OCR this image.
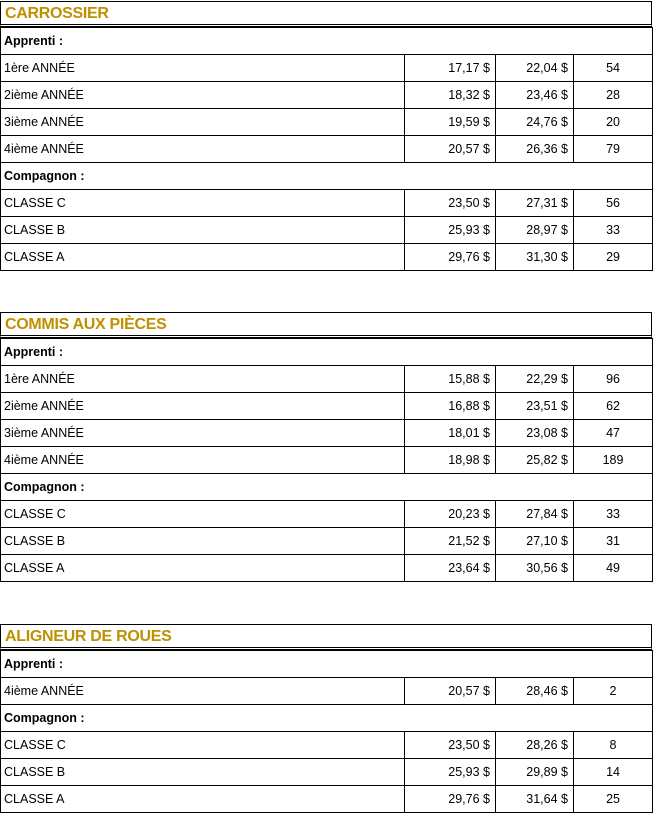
CARROSSIER
Apprenti :			
1ère ANNÉE	17,17 $	22,04 $	54
2ième ANNÉE	18,32 $	23,46 $	28
3ième ANNÉE	19,59 $	24,76 $	20
4ième ANNÉE	20,57 $	26,36 $	79
Compagnon :			
CLASSE C	23,50 $	27,31 $	56
CLASSE B	25,93 $	28,97 $	33
CLASSE A	29,76 $	31,30 $	29
COMMIS AUX PIÈCES
Apprenti :			
1ère ANNÉE	15,88 $	22,29 $	96
2ième ANNÉE	16,88 $	23,51 $	62
3ième ANNÉE	18,01 $	23,08 $	47
4ième ANNÉE	18,98 $	25,82 $	189
Compagnon :			
CLASSE C	20,23 $	27,84 $	33
CLASSE B	21,52 $	27,10 $	31
CLASSE A	23,64 $	30,56 $	49
ALIGNEUR DE ROUES
Apprenti :			
4ième ANNÉE	20,57 $	28,46 $	2
Compagnon :			
CLASSE C	23,50 $	28,26 $	8
CLASSE B	25,93 $	29,89 $	14
CLASSE A	29,76 $	31,64 $	25
